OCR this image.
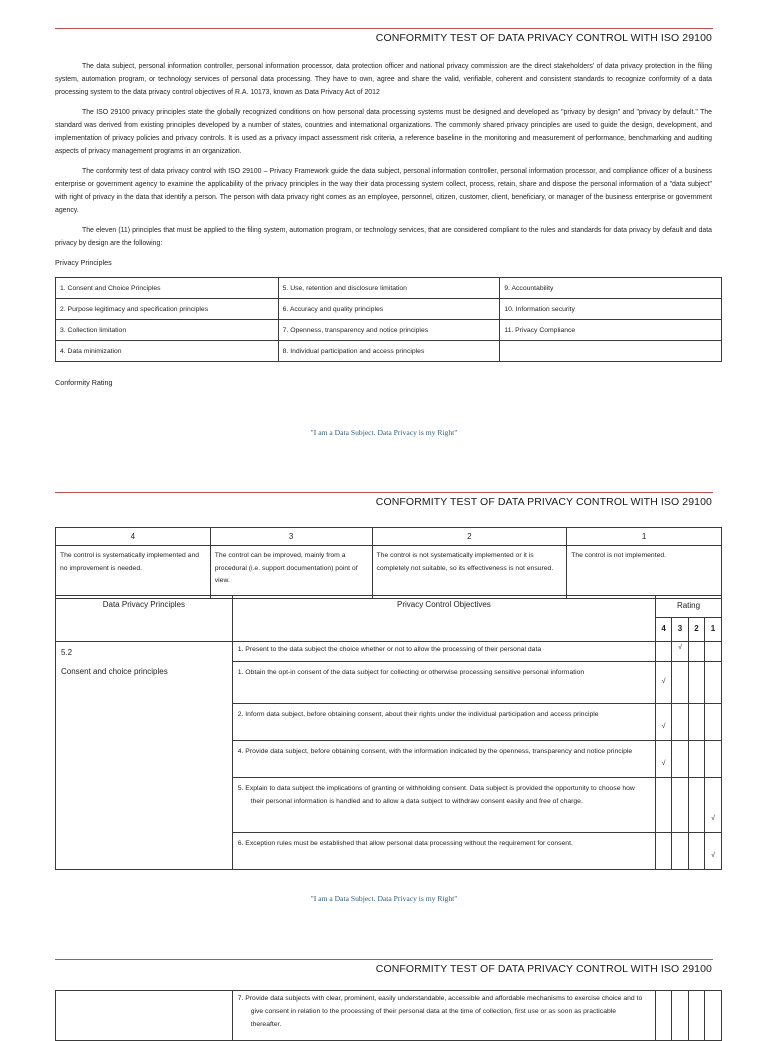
CONFORMITY TEST OF DATA PRIVACY CONTROL WITH ISO 29100

The data subject, personal information controller, personal information processor, data protection officer and national privacy commission are the direct stakeholders' of data privacy protection in the filing system, automation program, or technology services of personal data processing. They have to own, agree and share the valid, verifiable, coherent and consistent standards to recognize conformity of a data processing system to the data privacy control objectives of R.A. 10173, known as Data Privacy Act of 2012

The ISO 29100 privacy principles state the globally recognized conditions on how personal data processing systems must be designed and developed as "privacy by design" and "privacy by default." The standard was derived from existing principles developed by a number of states, countries and international organizations. The commonly shared privacy principles are used to guide the design, development, and implementation of privacy policies and privacy controls. It is used as a privacy impact assessment risk criteria, a reference baseline in the monitoring and measurement of performance, benchmarking and auditing aspects of privacy management programs in an organization.

The conformity test of data privacy control with ISO 29100 – Privacy Framework guide the data subject, personal information controller, personal information processor, and compliance officer of a business enterprise or government agency to examine the applicability of the privacy principles in the way their data processing system collect, process, retain, share and dispose the personal information of a "data subject" with right of privacy in the data that identify a person. The person with data privacy right comes as an employee, personnel, citizen, customer, client, beneficiary, or manager of the business enterprise or government agency.

The eleven (11) principles that must be applied to the filing system, automation program, or technology services, that are considered compliant to the rules and standards for data privacy by default and data privacy by design are the following:

Privacy Principles
1. Consent and Choice Principles	5. Use, retention and disclosure limitation	9. Accountability
2. Purpose legitimacy and specification principles	6. Accuracy and quality principles	10. Information security
3. Collection limitation	7. Openness, transparency and notice principles	11. Privacy Compliance
4. Data minimization	8. Individual participation and access principles	
Conformity Rating
"I am a Data Subject. Data Privacy is my Right"
CONFORMITY TEST OF DATA PRIVACY CONTROL WITH ISO 29100
4	3	2	1
The control is systematically implemented and no improvement is needed.	The control can be improved, mainly from a procedural (i.e. support documentation) point of view.	The control is not systematically implemented or it is completely not suitable, so its effectiveness is not ensured.	The control is not implemented.
Data Privacy Principles	Privacy Control Objectives	Rating			
		4	3	2	1

5.2
Consent and choice principles	1. Present to the data subject the choice whether or not to allow the processing of their personal data		√		

	1. Obtain the opt-in consent of the data subject for collecting or otherwise processing sensitive personal information	√			

	2. Inform data subject, before obtaining consent, about their rights under the individual participation and access principle	√			

	4. Provide data subject, before obtaining consent, with the information indicated by the openness, transparency and notice principle	√			

	5. Explain to data subject the implications of granting or withholding consent. Data subject is provided the opportunity to choose how their personal information is handled and to allow a data subject to withdraw consent easily and free of charge.				√

	6. Exception rules must be established that allow personal data processing without the requirement for consent.				√
"I am a Data Subject. Data Privacy is my Right"
CONFORMITY TEST OF DATA PRIVACY CONTROL WITH ISO 29100

7. Provide data subjects with clear, prominent, easily understandable, accessible and affordable mechanisms to exercise choice and to give consent in relation to the processing of their personal data at the time of collection, first use or as soon as practicable thereafter.
